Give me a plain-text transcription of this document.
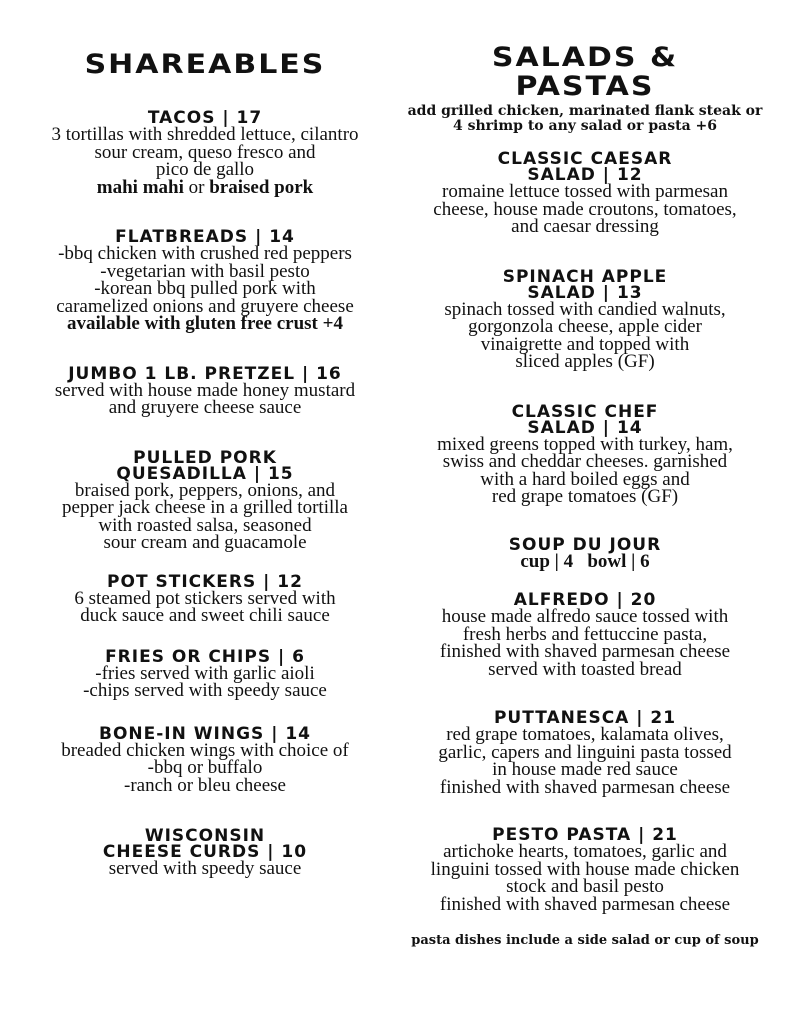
SHAREABLES
TACOS | 17
3 tortillas with shredded lettuce, cilantro
sour cream, queso fresco and
pico de gallo
mahi mahi or braised pork
FLATBREADS | 14
-bbq chicken with crushed red peppers
-vegetarian with basil pesto
-korean bbq pulled pork with
caramelized onions and gruyere cheese
available with gluten free crust +4
JUMBO 1 LB. PRETZEL | 16
served with house made honey mustard
and gruyere cheese sauce
PULLED PORK
QUESADILLA | 15
braised pork, peppers, onions, and
pepper jack cheese in a grilled tortilla
with roasted salsa, seasoned
sour cream and guacamole
POT STICKERS | 12
6 steamed pot stickers served with
duck sauce and sweet chili sauce
FRIES OR CHIPS | 6
-fries served with garlic aioli
-chips served with speedy sauce
BONE-IN WINGS | 14
breaded chicken wings with choice of
-bbq or buffalo
-ranch or bleu cheese
WISCONSIN
CHEESE CURDS | 10
served with speedy sauce
SALADS &
PASTAS
add grilled chicken, marinated flank steak or
4 shrimp to any salad or pasta +6
CLASSIC CAESAR
SALAD | 12
romaine lettuce tossed with parmesan
cheese, house made croutons, tomatoes,
and caesar dressing
SPINACH APPLE
SALAD | 13
spinach tossed with candied walnuts,
gorgonzola cheese, apple cider
vinaigrette and topped with
sliced apples (GF)
CLASSIC CHEF
SALAD | 14
mixed greens topped with turkey, ham,
swiss and cheddar cheeses. garnished
with a hard boiled eggs and
red grape tomatoes (GF)
SOUP DU JOUR
cup | 4   bowl | 6
ALFREDO | 20
house made alfredo sauce tossed with
fresh herbs and fettuccine pasta,
finished with shaved parmesan cheese
served with toasted bread
PUTTANESCA | 21
red grape tomatoes, kalamata olives,
garlic, capers and linguini pasta tossed
in house made red sauce
finished with shaved parmesan cheese
PESTO PASTA | 21
artichoke hearts, tomatoes, garlic and
linguini tossed with house made chicken
stock and basil pesto
finished with shaved parmesan cheese
pasta dishes include a side salad or cup of soup
